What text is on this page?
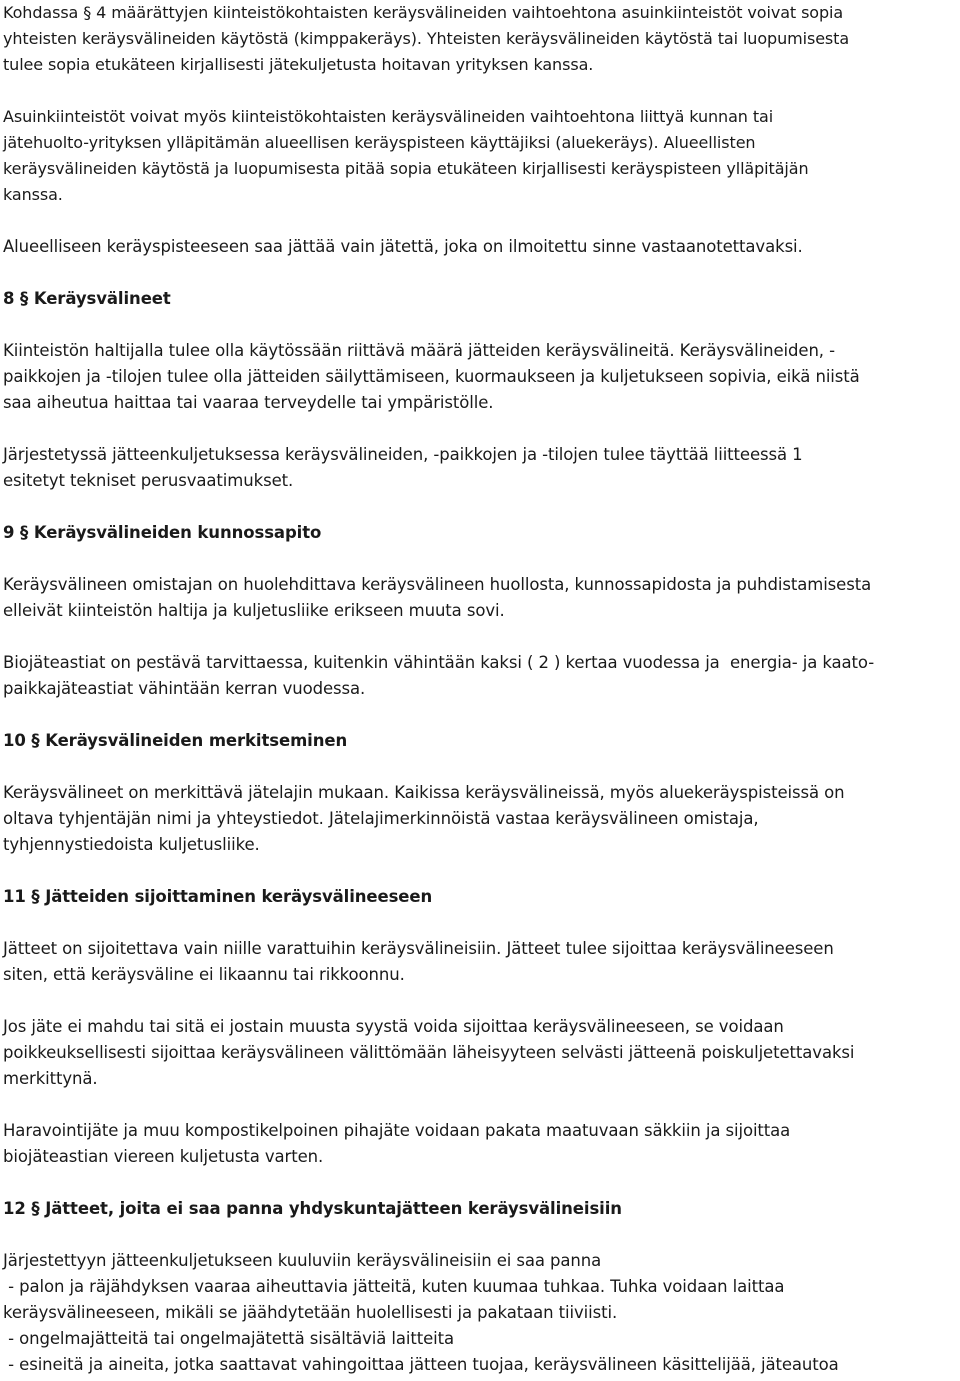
Kohdassa § 4 määrättyjen kiinteistökohtaisten keräysvälineiden vaihtoehtona asuinkiinteistöt voivat sopia
yhteisten keräysvälineiden käytöstä (kimppakeräys). Yhteisten keräysvälineiden käytöstä tai luopumisesta
tulee sopia etukäteen kirjallisesti jätekuljetusta hoitavan yrityksen kanssa.
Asuinkiinteistöt voivat myös kiinteistökohtaisten keräysvälineiden vaihtoehtona liittyä kunnan tai
jätehuolto-yrityksen ylläpitämän alueellisen keräyspisteen käyttäjiksi (aluekeräys). Alueellisten
keräysvälineiden käytöstä ja luopumisesta pitää sopia etukäteen kirjallisesti keräyspisteen ylläpitäjän
kanssa.
Alueelliseen keräyspisteeseen saa jättää vain jätettä, joka on ilmoitettu sinne vastaanotettavaksi.
8 § Keräysvälineet
Kiinteistön haltijalla tulee olla käytössään riittävä määrä jätteiden keräysvälineitä. Keräysvälineiden, -
paikkojen ja -tilojen tulee olla jätteiden säilyttämiseen, kuormaukseen ja kuljetukseen sopivia, eikä niistä
saa aiheutua haittaa tai vaaraa terveydelle tai ympäristölle.
Järjestetyssä jätteenkuljetuksessa keräysvälineiden, -paikkojen ja -tilojen tulee täyttää liitteessä 1
esitetyt tekniset perusvaatimukset.
9 § Keräysvälineiden kunnossapito
Keräysvälineen omistajan on huolehdittava keräysvälineen huollosta, kunnossapidosta ja puhdistamisesta
elleivät kiinteistön haltija ja kuljetusliike erikseen muuta sovi.
Biojäteastiat on pestävä tarvittaessa, kuitenkin vähintään kaksi ( 2 ) kertaa vuodessa ja  energia- ja kaato-
paikkajäteastiat vähintään kerran vuodessa.
10 § Keräysvälineiden merkitseminen
Keräysvälineet on merkittävä jätelajin mukaan. Kaikissa keräysvälineissä, myös aluekeräyspisteissä on
oltava tyhjentäjän nimi ja yhteystiedot. Jätelajimerkinnöistä vastaa keräysvälineen omistaja,
tyhjennystiedoista kuljetusliike.
11 § Jätteiden sijoittaminen keräysvälineeseen
Jätteet on sijoitettava vain niille varattuihin keräysvälineisiin. Jätteet tulee sijoittaa keräysvälineeseen
siten, että keräysväline ei likaannu tai rikkoonnu.
Jos jäte ei mahdu tai sitä ei jostain muusta syystä voida sijoittaa keräysvälineeseen, se voidaan
poikkeuksellisesti sijoittaa keräysvälineen välittömään läheisyyteen selvästi jätteenä poiskuljetettavaksi
merkittynä.
Haravointijäte ja muu kompostikelpoinen pihajäte voidaan pakata maatuvaan säkkiin ja sijoittaa
biojäteastian viereen kuljetusta varten.
12 § Jätteet, joita ei saa panna yhdyskuntajätteen keräysvälineisiin
Järjestettyyn jätteenkuljetukseen kuuluviin keräysvälineisiin ei saa panna
- palon ja räjähdyksen vaaraa aiheuttavia jätteitä, kuten kuumaa tuhkaa. Tuhka voidaan laittaa
keräysvälineeseen, mikäli se jäähdytetään huolellisesti ja pakataan tiiviisti.
- ongelmajätteitä tai ongelmajätettä sisältäviä laitteita
- esineitä ja aineita, jotka saattavat vahingoittaa jätteen tuojaa, keräysvälineen käsittelijää, jäteautoa
